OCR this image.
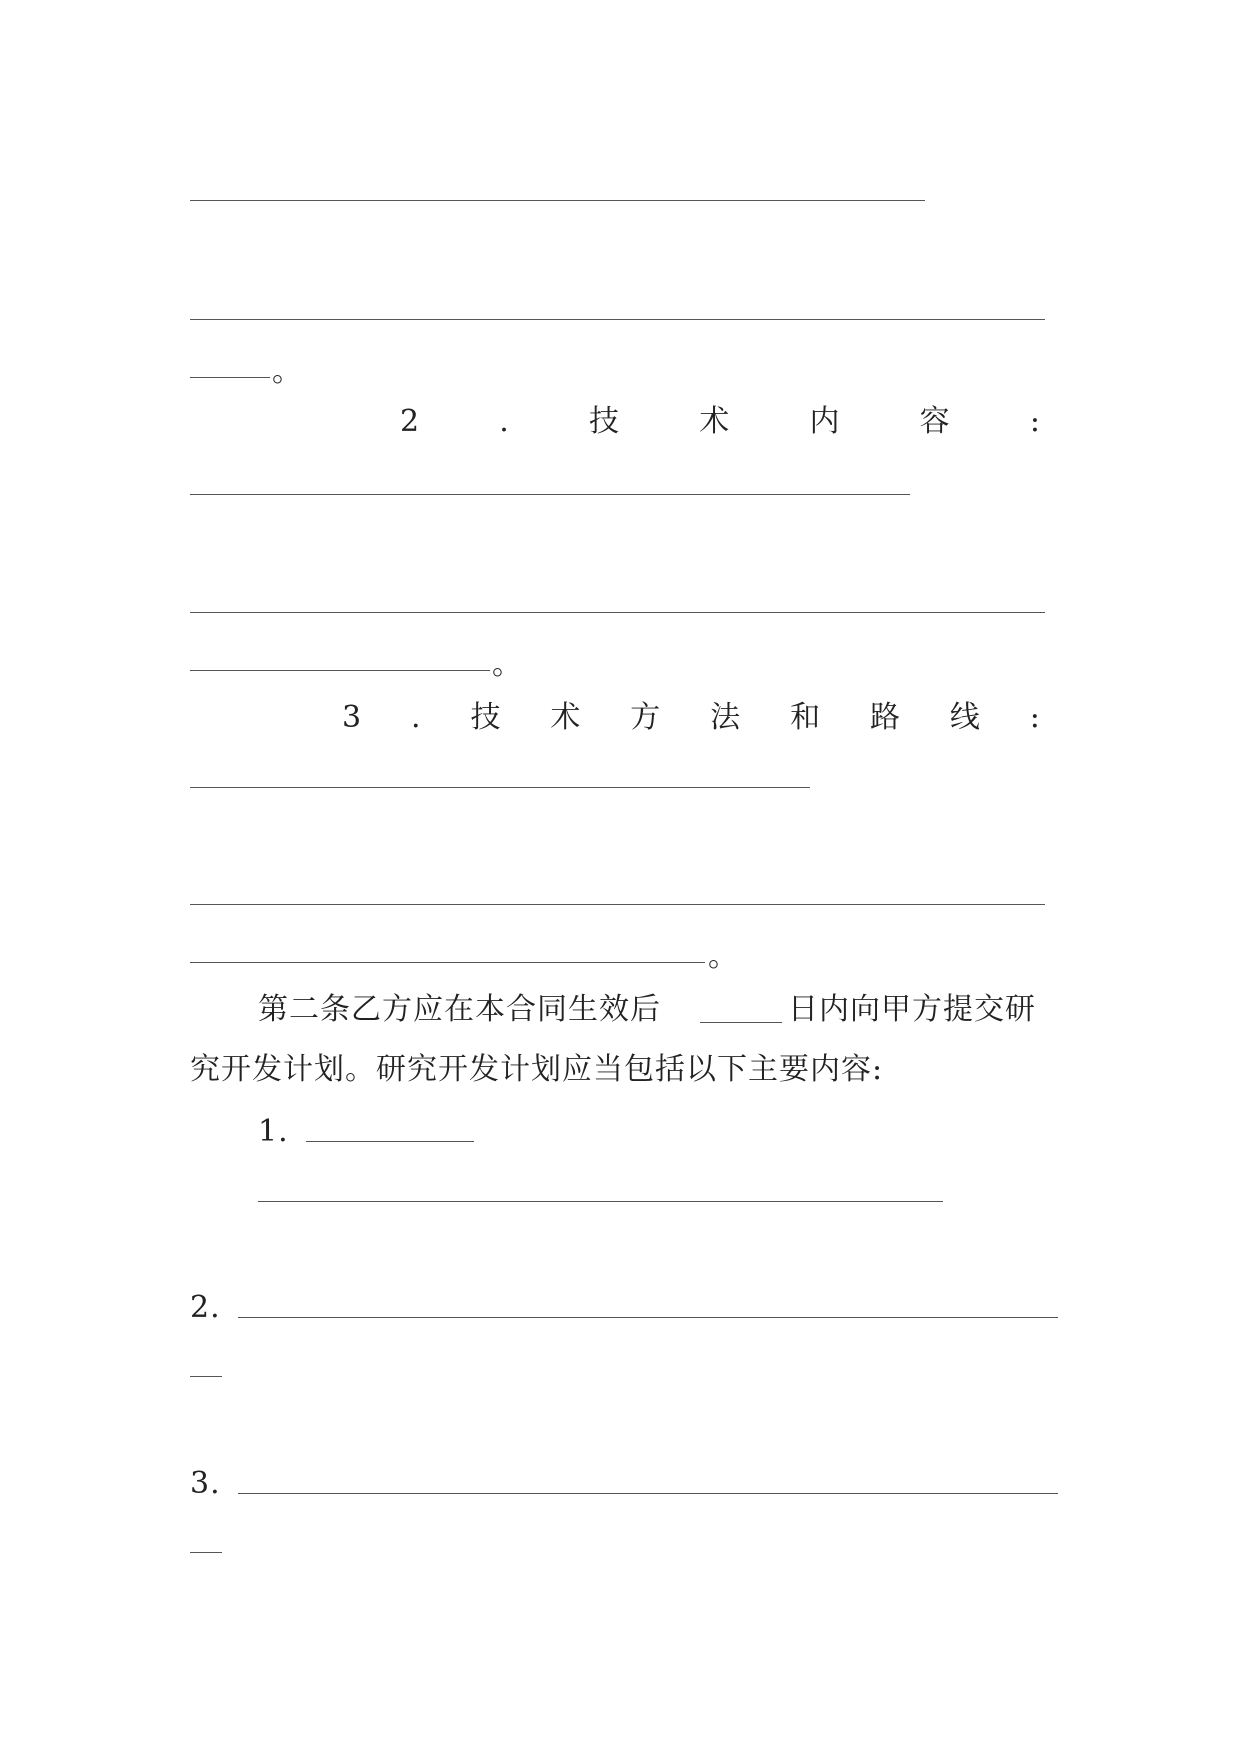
。
2	.	技	术	内	容	:
。
3 . 技 术 方 法 和 路 线 :
。
第二条乙方应在本合同生效后	日内向甲方提交研
究开发计划。研究开发计划应当包括以下主要内容:
1.
2.
3.
